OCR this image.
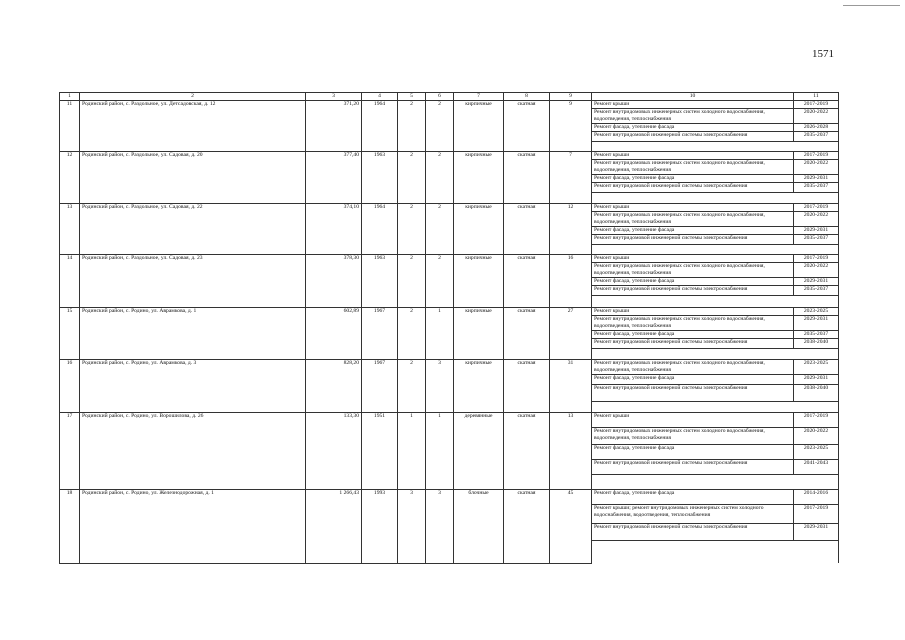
1571
1	2	3	4	5	6	7	8	9	10	11
11	Родинский район, с. Раздольное, ул. Детсадовская, д. 12	371,20	1964	2	2	кирпичные	скатная	9	Ремонт крыши	2017-2019
									Ремонт внутридомовых инженерных систем холодного водоснабжения, водоотведения, теплоснабжения	2020-2022
									Ремонт фасада, утепление фасада	2026-2028
									Ремонт внутридомовой инженерной системы электроснабжения	2035-2037

12	Родинский район, с. Раздольное, ул. Садовая, д. 20	377,40	1963	2	2	кирпичные	скатная	7	Ремонт крыши	2017-2019
									Ремонт внутридомовых инженерных систем холодного водоснабжения, водоотведения, теплоснабжения	2020-2022
									Ремонт фасада, утепление фасада	2029-2031
									Ремонт внутридомовой инженерной системы электроснабжения	2035-2037

13	Родинский район, с. Раздольное, ул. Садовая, д. 22	374,10	1964	2	2	кирпичные	скатная	12	Ремонт крыши	2017-2019
									Ремонт внутридомовых инженерных систем холодного водоснабжения, водоотведения, теплоснабжения	2020-2022
									Ремонт фасада, утепление фасада	2029-2031
									Ремонт внутридомовой инженерной системы электроснабжения	2035-2037

14	Родинский район, с. Раздольное, ул. Садовая, д. 23	378,30	1963	2	2	кирпичные	скатная	16	Ремонт крыши	2017-2019
									Ремонт внутридомовых инженерных систем холодного водоснабжения, водоотведения, теплоснабжения	2020-2022
									Ремонт фасада, утепление фасада	2029-2031
									Ремонт внутридомовой инженерной системы электроснабжения	2035-2037

15	Родинский район, с. Родино, ул. Аврамкова, д. 1	602,89	1967	2	1	кирпичные	скатная	27	Ремонт крыши	2023-2025
									Ремонт внутридомовых инженерных систем холодного водоснабжения, водоотведения, теплоснабжения	2029-2031
									Ремонт фасада, утепление фасада	2035-2037
									Ремонт внутридомовой инженерной системы электроснабжения	2038-2040

16	Родинский район, с. Родино, ул. Аврамкова, д. 3	828,20	1967	2	3	кирпичные	скатная	31	Ремонт внутридомовых инженерных систем холодного водоснабжения, водоотведения, теплоснабжения	2023-2025
									Ремонт фасада, утепление фасада	2029-2031
									Ремонт внутридомовой инженерной системы электроснабжения	2038-2040

17	Родинский район, с. Родино, ул. Ворошилова, д. 26	133,30	1951	1	1	деревянные	скатная	13	Ремонт крыши	2017-2019
									Ремонт внутридомовых инженерных систем холодного водоснабжения, водоотведения, теплоснабжения	2020-2022
									Ремонт фасада, утепление фасада	2023-2025
									Ремонт внутридомовой инженерной системы электроснабжения	2041-2043

18	Родинский район, с. Родино, ул. Железнодорожная, д. 1	1 266,43	1993	3	3	блочные	скатная	45	Ремонт фасада, утепление фасада	2014-2016
									Ремонт крыши; ремонт внутридомовых инженерных систем холодного водоснабжения, водоотведения, теплоснабжения	2017-2019
									Ремонт внутридомовой инженерной системы электроснабжения	2029-2031
